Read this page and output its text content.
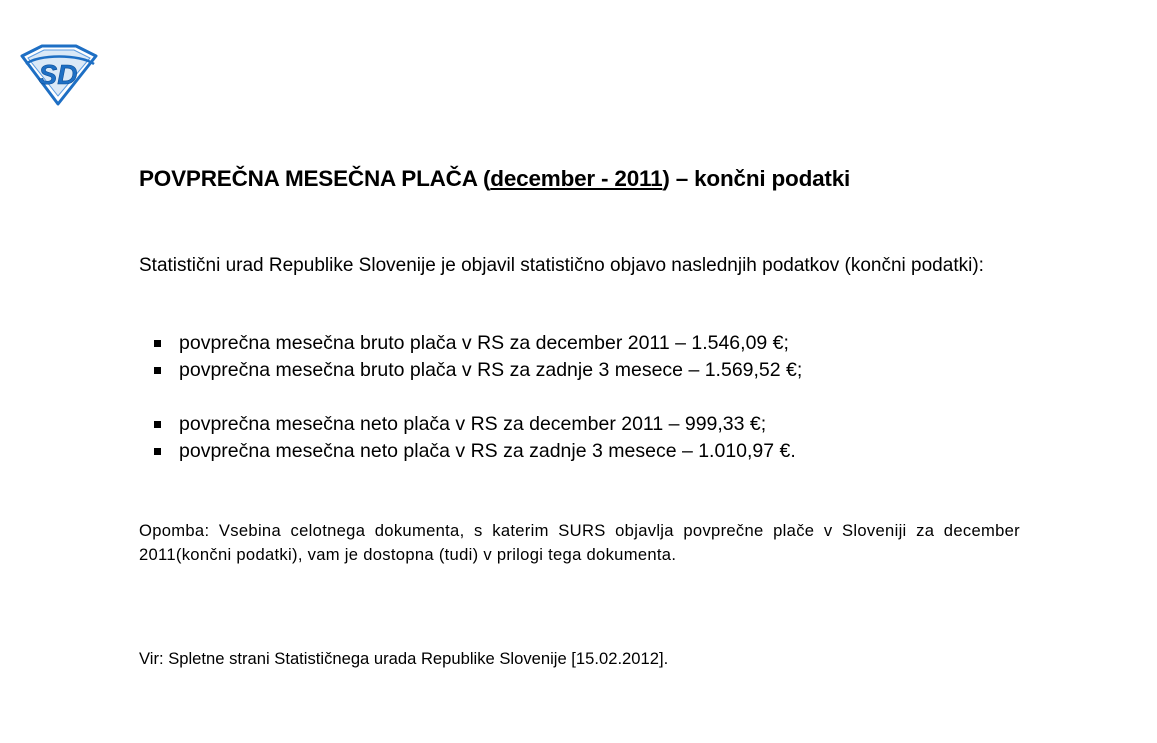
SD
POVPREČNA MESEČNA PLAČA (december - 2011) – končni podatki
Statistični urad Republike Slovenije je objavil statistično objavo naslednjih podatkov (končni podatki):
povprečna mesečna bruto plača v RS za december 2011 – 1.546,09 €;
povprečna mesečna bruto plača v RS za zadnje 3 mesece – 1.569,52 €;
povprečna mesečna neto plača v RS za december 2011 – 999,33 €;
povprečna mesečna neto plača v RS za zadnje 3 mesece – 1.010,97 €.
Opomba: Vsebina celotnega dokumenta, s katerim SURS objavlja povprečne plače v Sloveniji za december 2011(končni podatki), vam je dostopna (tudi) v prilogi tega dokumenta.
Vir: Spletne strani Statističnega urada Republike Slovenije [15.02.2012].
